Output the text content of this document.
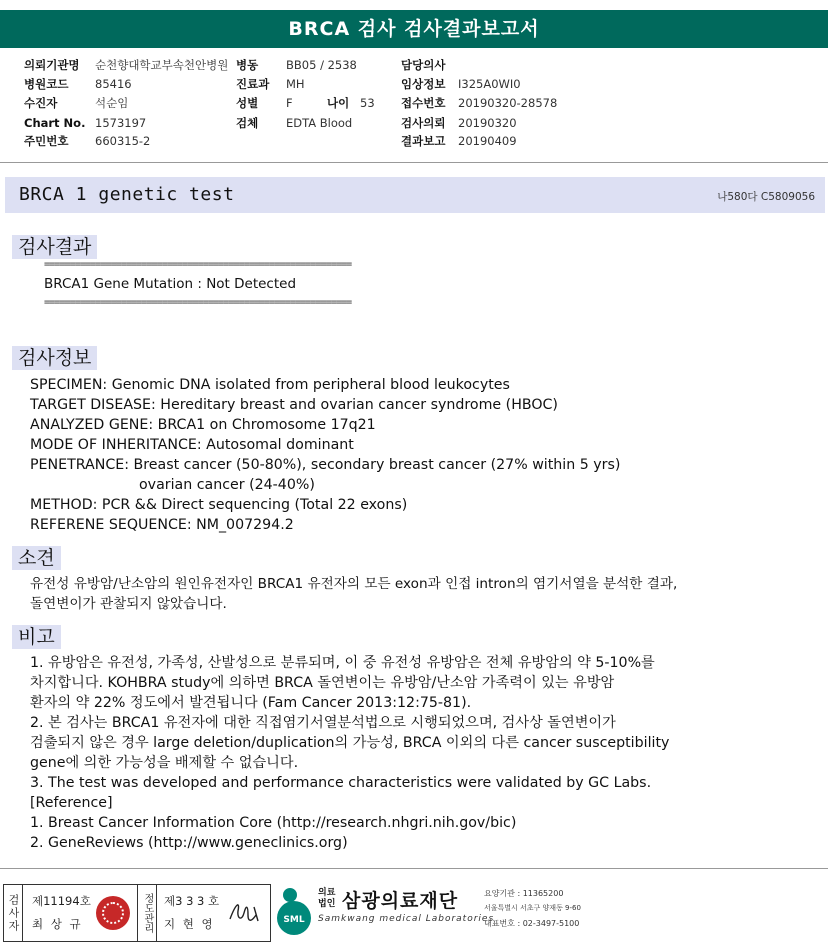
BRCA 검사 검사결과보고서
의뢰기관명 순천향대학교부속천안병원
병원코드 85416
수진자	석순임
Chart No. 1573197
주민번호 660315-2
병동 BB05 / 2538
진료과 MH
성별 F	나이 53
검체 EDTA Blood
담당의사
임상정보 I325A0WI0
접수번호 20190320-28578
검사의뢰 20190320
결과보고 20190409
BRCA 1 genetic test	나580다 C5809056
검사결과
============================================================
BRCA1 Gene Mutation : Not Detected
============================================================
검사정보
SPECIMEN: Genomic DNA isolated from peripheral blood leukocytes
TARGET DISEASE: Hereditary breast and ovarian cancer syndrome (HBOC)
ANALYZED GENE: BRCA1 on Chromosome 17q21
MODE OF INHERITANCE: Autosomal dominant
PENETRANCE: Breast cancer (50-80%), secondary breast cancer (27% within 5 yrs)
ovarian cancer (24-40%)
METHOD: PCR && Direct sequencing (Total 22 exons)
REFERENE SEQUENCE: NM_007294.2
소견
유전성 유방암/난소암의 원인유전자인 BRCA1 유전자의 모든 exon과 인접 intron의 염기서열을 분석한 결과,
돌연변이가 관찰되지 않았습니다.
비고
1. 유방암은 유전성, 가족성, 산발성으로 분류되며, 이 중 유전성 유방암은 전체 유방암의 약 5-10%를
차지합니다. KOHBRA study에 의하면 BRCA 돌연변이는 유방암/난소암 가족력이 있는 유방암
환자의 약 22% 정도에서 발견됩니다 (Fam Cancer 2013:12:75-81).
2. 본 검사는 BRCA1 유전자에 대한 직접염기서열분석법으로 시행되었으며, 검사상 돌연변이가
검출되지 않은 경우 large deletion/duplication의 가능성, BRCA 이외의 다른 cancer susceptibility
gene에 의한 가능성을 배제할 수 없습니다.
3. The test was developed and performance characteristics were validated by GC Labs.
[Reference]
1. Breast Cancer Information Core (http://research.nhgri.nih.gov/bic)
2. GeneReviews (http://www.geneclinics.org)
검사자 제11194호
최 상 규	정도관리 제3 3 3 호
지 현 영	SML
의료법인 삼광의료재단
Samkwang medical Laboratories
요양기관 : 11365200
서울특별시 서초구 양재동 9-60
대표번호 : 02-3497-5100
